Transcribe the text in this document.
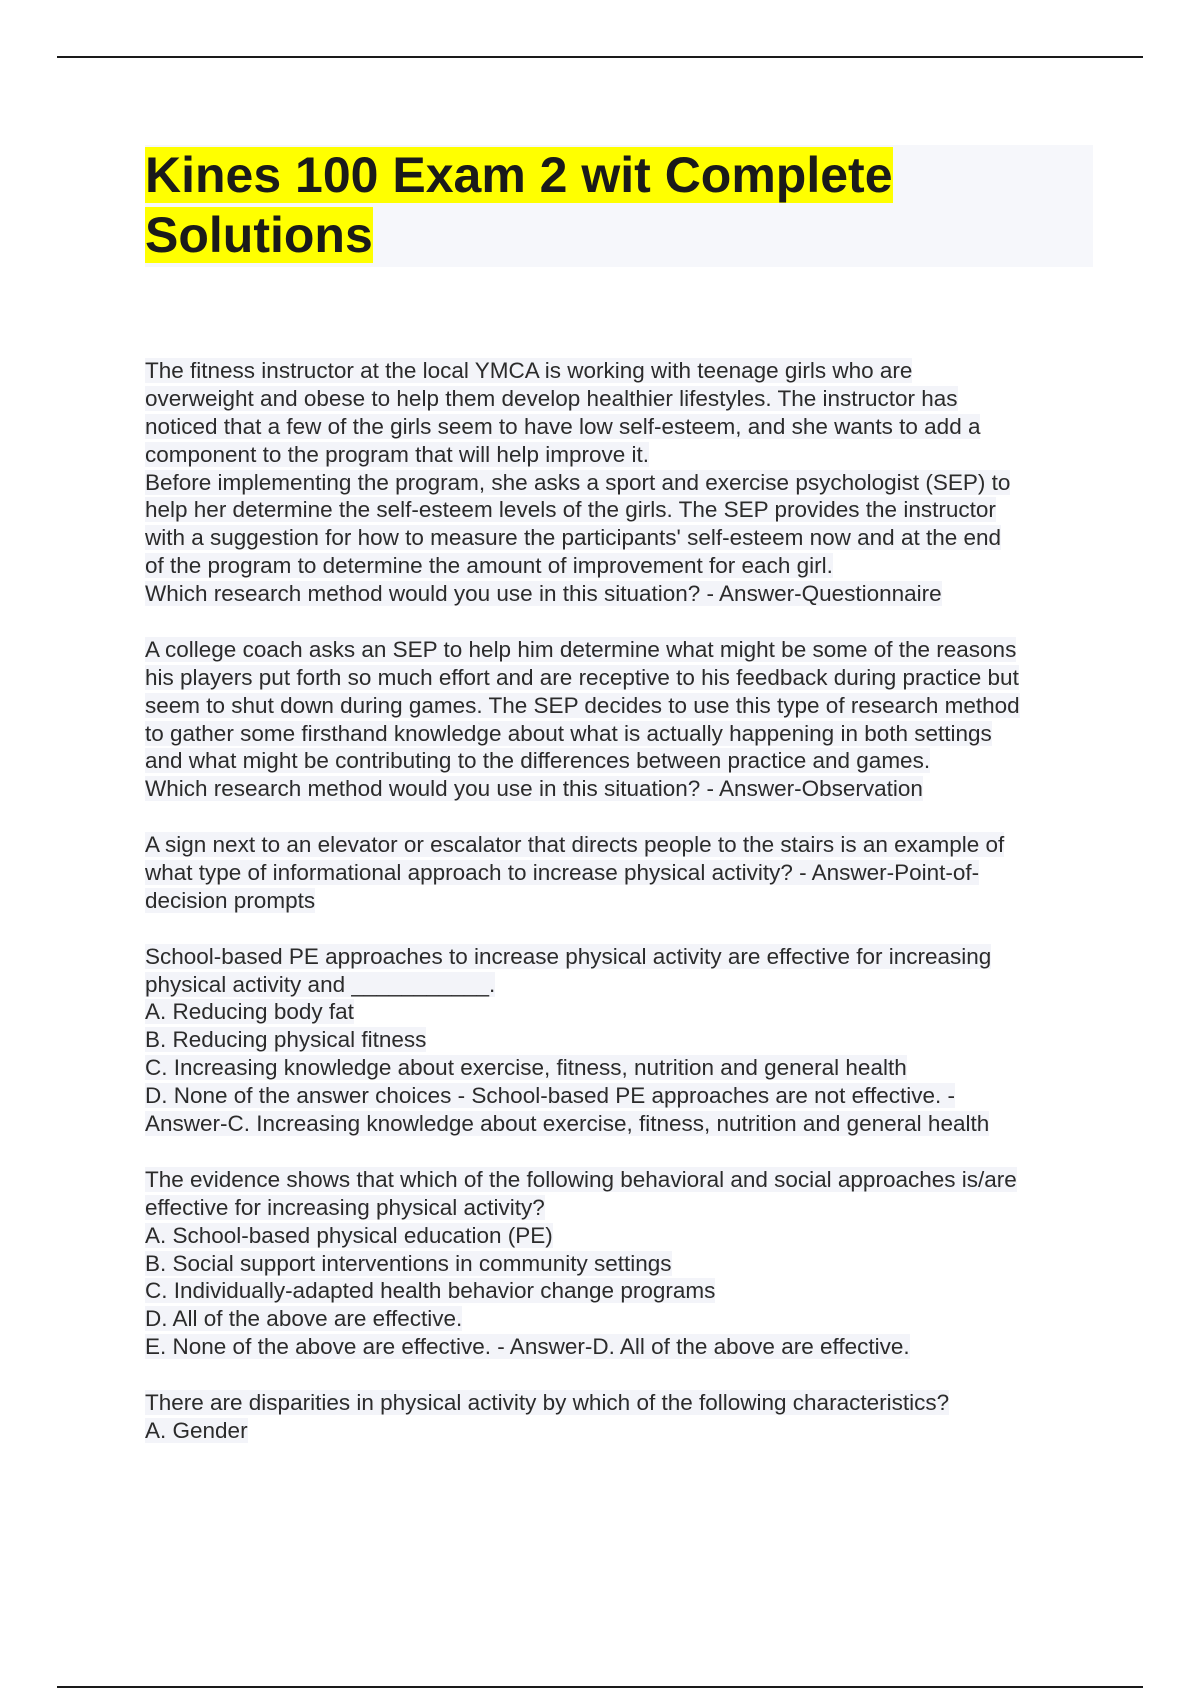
Kines 100 Exam 2 wit Complete
Solutions
The fitness instructor at the local YMCA is working with teenage girls who are
overweight and obese to help them develop healthier lifestyles. The instructor has
noticed that a few of the girls seem to have low self-esteem, and she wants to add a
component to the program that will help improve it.
Before implementing the program, she asks a sport and exercise psychologist (SEP) to
help her determine the self-esteem levels of the girls. The SEP provides the instructor
with a suggestion for how to measure the participants' self-esteem now and at the end
of the program to determine the amount of improvement for each girl.
Which research method would you use in this situation? - Answer-Questionnaire
A college coach asks an SEP to help him determine what might be some of the reasons
his players put forth so much effort and are receptive to his feedback during practice but
seem to shut down during games. The SEP decides to use this type of research method
to gather some firsthand knowledge about what is actually happening in both settings
and what might be contributing to the differences between practice and games.
Which research method would you use in this situation? - Answer-Observation
A sign next to an elevator or escalator that directs people to the stairs is an example of
what type of informational approach to increase physical activity? - Answer-Point-of-
decision prompts
School-based PE approaches to increase physical activity are effective for increasing
physical activity and ___________.
A. Reducing body fat
B. Reducing physical fitness
C. Increasing knowledge about exercise, fitness, nutrition and general health
D. None of the answer choices - School-based PE approaches are not effective. -
Answer-C. Increasing knowledge about exercise, fitness, nutrition and general health
The evidence shows that which of the following behavioral and social approaches is/are
effective for increasing physical activity?
A. School-based physical education (PE)
B. Social support interventions in community settings
C. Individually-adapted health behavior change programs
D. All of the above are effective.
E. None of the above are effective. - Answer-D. All of the above are effective.
There are disparities in physical activity by which of the following characteristics?
A. Gender
